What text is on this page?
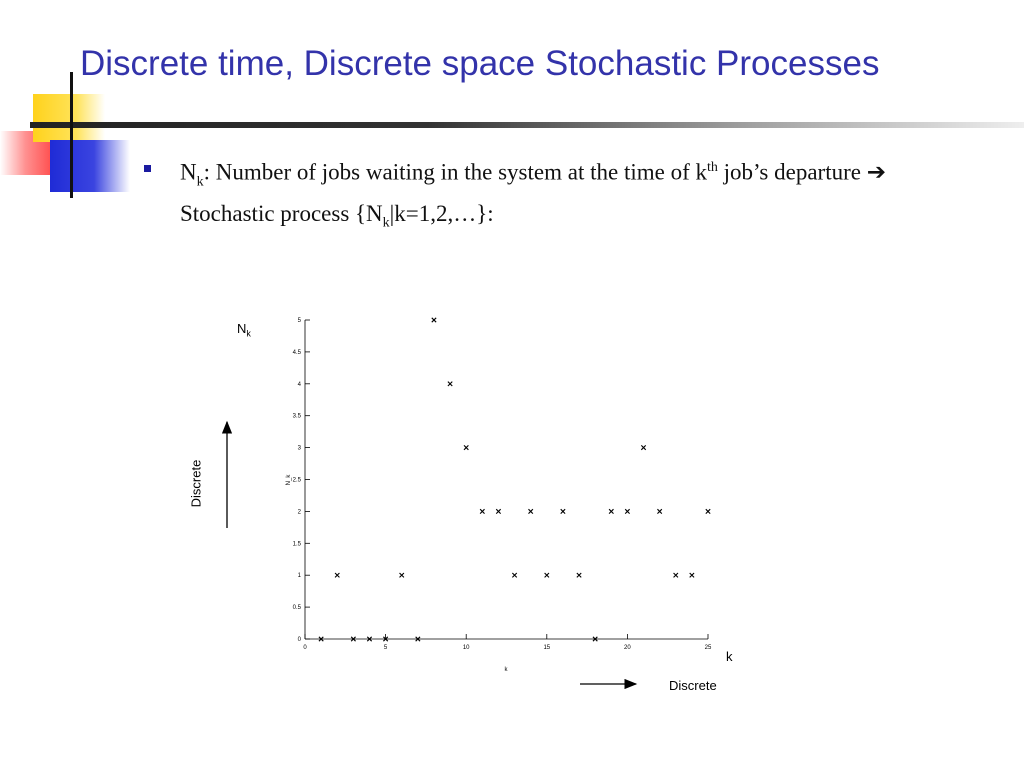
Discrete time, Discrete space Stochastic Processes
$N_k$: Number of jobs waiting in the system at the time of $k^{th}$ job’s departure ➔ Stochastic process $\{N_k|k=1,2,\dots\}$:
$N_k$
k
Discrete
Discrete
0
0.5
1
1.5
2
2.5
3
3.5
4
4.5
5
0	5	10	15	20	25
N_k
k
